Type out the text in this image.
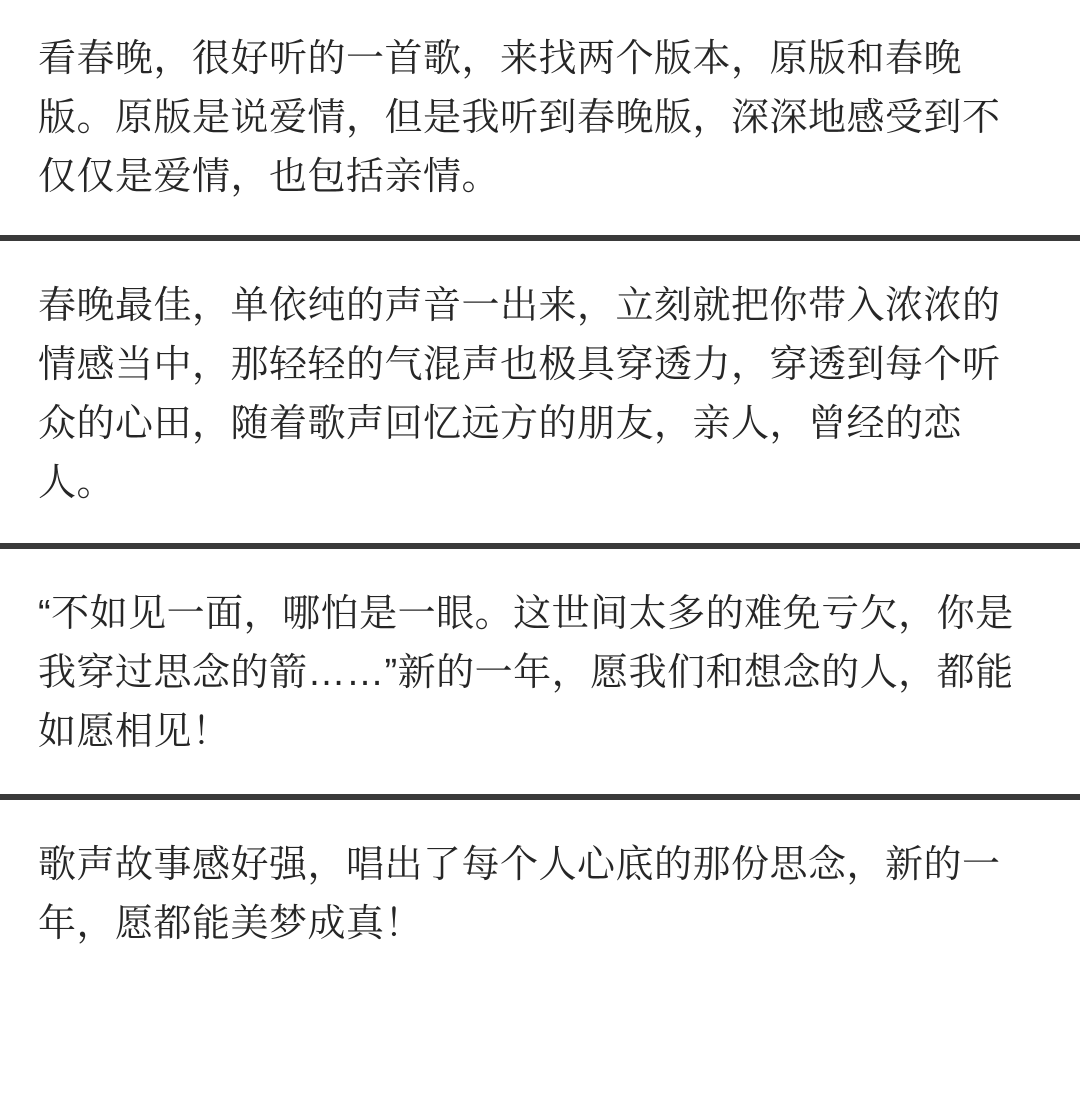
看春晚，很好听的一首歌，来找两个版本，原版和春晚版。原版是说爱情，但是我听到春晚版，深深地感受到不仅仅是爱情，也包括亲情。
春晚最佳，单依纯的声音一出来，立刻就把你带入浓浓的情感当中，那轻轻的气混声也极具穿透力，穿透到每个听众的心田，随着歌声回忆远方的朋友，亲人，曾经的恋人。
“不如见一面，哪怕是一眼。这世间太多的难免亏欠，你是我穿过思念的箭……”新的一年，愿我们和想念的人，都能如愿相见！
歌声故事感好强，唱出了每个人心底的那份思念，新的一年，愿都能美梦成真！
